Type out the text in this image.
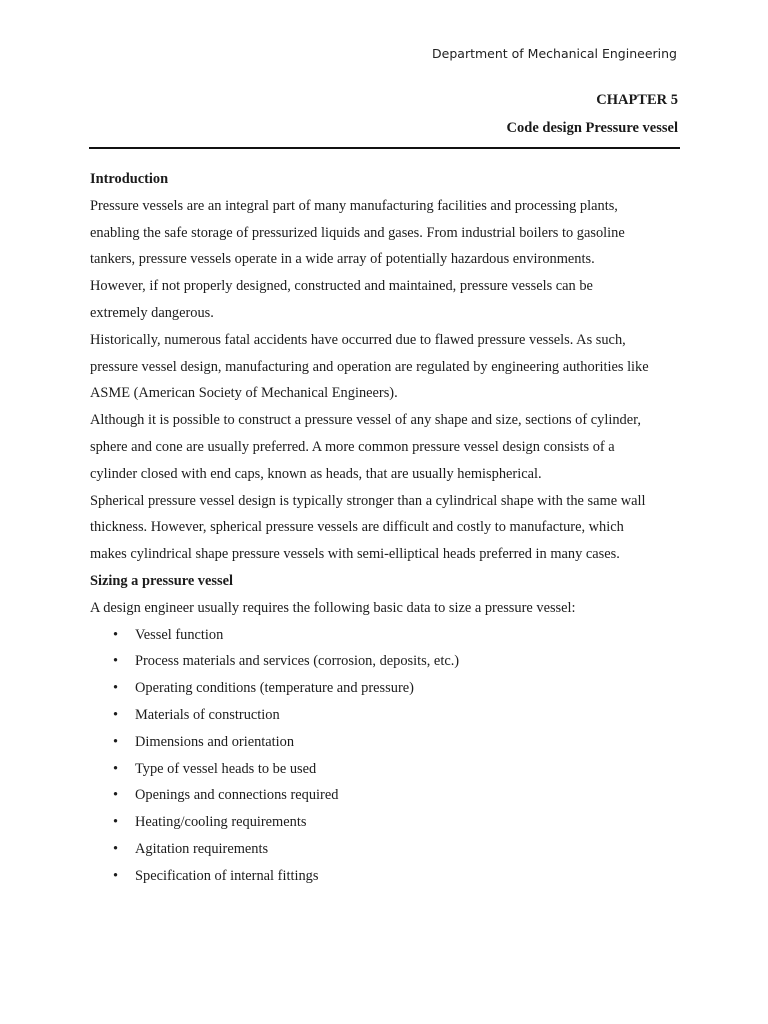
Department of Mechanical Engineering
CHAPTER 5
Code design Pressure vessel
Introduction

Pressure vessels are an integral part of many manufacturing facilities and processing plants,
enabling the safe storage of pressurized liquids and gases. From industrial boilers to gasoline
tankers, pressure vessels operate in a wide array of potentially hazardous environments.
However, if not properly designed, constructed and maintained, pressure vessels can be
extremely dangerous.

Historically, numerous fatal accidents have occurred due to flawed pressure vessels. As such,
pressure vessel design, manufacturing and operation are regulated by engineering authorities like
ASME (American Society of Mechanical Engineers).

Although it is possible to construct a pressure vessel of any shape and size, sections of cylinder,
sphere and cone are usually preferred. A more common pressure vessel design consists of a
cylinder closed with end caps, known as heads, that are usually hemispherical.

Spherical pressure vessel design is typically stronger than a cylindrical shape with the same wall
thickness. However, spherical pressure vessels are difficult and costly to manufacture, which
makes cylindrical shape pressure vessels with semi-elliptical heads preferred in many cases.

Sizing a pressure vessel

A design engineer usually requires the following basic data to size a pressure vessel:

• Vessel function
• Process materials and services (corrosion, deposits, etc.)
• Operating conditions (temperature and pressure)
• Materials of construction
• Dimensions and orientation
• Type of vessel heads to be used
• Openings and connections required
• Heating/cooling requirements
• Agitation requirements
• Specification of internal fittings
